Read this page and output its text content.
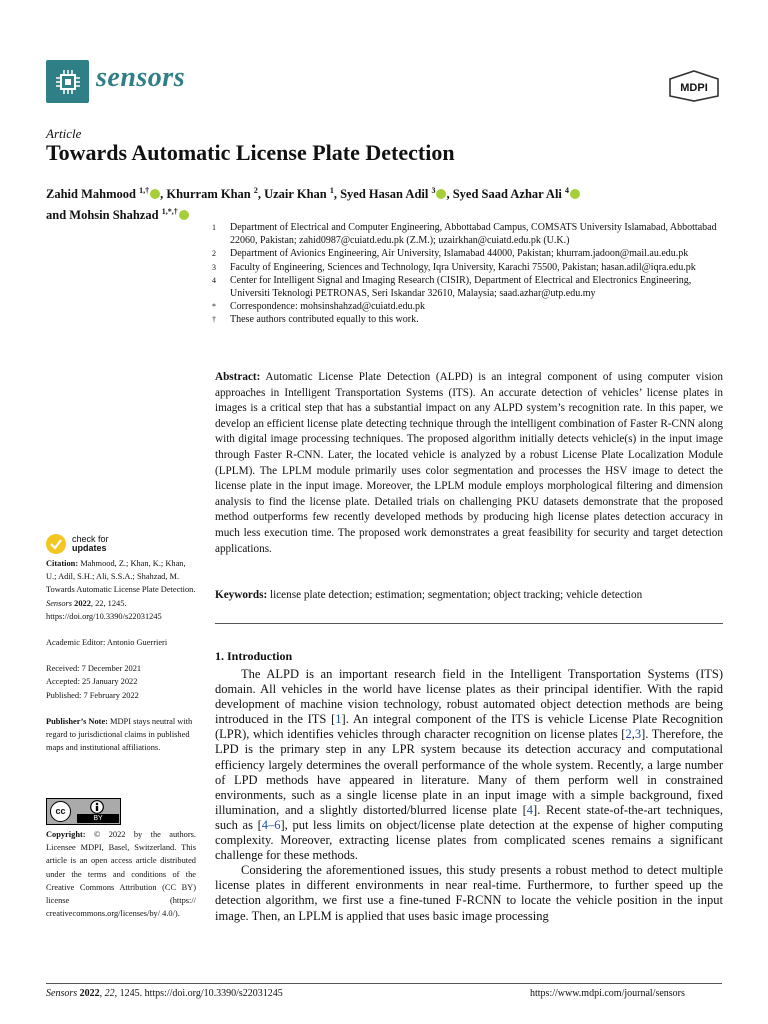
sensors	MDPI
Article
Towards Automatic License Plate Detection
Zahid Mahmood $^{1,\dagger}$ , Khurram Khan $^2$, Uzair Khan $^1$, Syed Hasan Adil $^3$ , Syed Saad Azhar Ali $^4$
and Mohsin Shahzad $^{1,*,\dagger}$
1	Department of Electrical and Computer Engineering, Abbottabad Campus, COMSATS University Islamabad, Abbottabad 22060, Pakistan; zahid0987@cuiatd.edu.pk (Z.M.); uzairkhan@cuiatd.edu.pk (U.K.)
2	Department of Avionics Engineering, Air University, Islamabad 44000, Pakistan; khurram.jadoon@mail.au.edu.pk
3	Faculty of Engineering, Sciences and Technology, Iqra University, Karachi 75500, Pakistan; hasan.adil@iqra.edu.pk
4	Center for Intelligent Signal and Imaging Research (CISIR), Department of Electrical and Electronics Engineering, Universiti Teknologi PETRONAS, Seri Iskandar 32610, Malaysia; saad.azhar@utp.edu.my
*	Correspondence: mohsinshahzad@cuiatd.edu.pk
†	These authors contributed equally to this work.
Abstract: Automatic License Plate Detection (ALPD) is an integral component of using computer vision approaches in Intelligent Transportation Systems (ITS). An accurate detection of vehicles’ license plates in images is a critical step that has a substantial impact on any ALPD system’s recognition rate. In this paper, we develop an efficient license plate detecting technique through the intelligent combination of Faster R-CNN along with digital image processing techniques. The proposed algorithm initially detects vehicle(s) in the input image through Faster R-CNN. Later, the located vehicle is analyzed by a robust License Plate Localization Module (LPLM). The LPLM module primarily uses color segmentation and processes the HSV image to detect the license plate in the input image. Moreover, the LPLM module employs morphological filtering and dimension analysis to find the license plate. Detailed trials on challenging PKU datasets demonstrate that the proposed method outperforms few recently developed methods by producing high license plates detection accuracy in much less execution time. The proposed work demonstrates a great feasibility for security and target detection applications.
Keywords: license plate detection; estimation; segmentation; object tracking; vehicle detection
check for
updates
Citation: Mahmood, Z.; Khan, K.; Khan, U.; Adil, S.H.; Ali, S.S.A.; Shahzad, M. Towards Automatic License Plate Detection. Sensors 2022, 22, 1245. https://doi.org/10.3390/s22031245
Academic Editor: Antonio Guerrieri
Received: 7 December 2021
Accepted: 25 January 2022
Published: 7 February 2022
Publisher’s Note: MDPI stays neutral with regard to jurisdictional claims in published maps and institutional affiliations.
cc
BY
Copyright: © 2022 by the authors. Licensee MDPI, Basel, Switzerland. This article is an open access article distributed under the terms and conditions of the Creative Commons Attribution (CC BY) license (https:// creativecommons.org/licenses/by/ 4.0/).
1. Introduction

The ALPD is an important research field in the Intelligent Transportation Systems (ITS) domain. All vehicles in the world have license plates as their principal identifier. With the rapid development of machine vision technology, robust automated object detection methods are being introduced in the ITS [1]. An integral component of the ITS is vehicle License Plate Recognition (LPR), which identifies vehicles through character recognition on license plates [2,3]. Therefore, the LPD is the primary step in any LPR system because its detection accuracy and computational efficiency largely determines the overall performance of the whole system. Recently, a large number of LPD methods have appeared in literature. Many of them perform well in constrained environments, such as a single license plate in an input image with a simple background, fixed illumination, and a slightly distorted/blurred license plate [4]. Recent state-of-the-art techniques, such as [4–6], put less limits on object/license plate detection at the expense of higher computing complexity. Moreover, extracting license plates from complicated scenes remains a significant challenge for these methods.

Considering the aforementioned issues, this study presents a robust method to detect multiple license plates in different environments in near real-time. Furthermore, to further speed up the detection algorithm, we first use a fine-tuned F-RCNN to locate the vehicle position in the input image. Then, an LPLM is applied that uses basic image processing

Sensors 2022, 22, 1245. https://doi.org/10.3390/s22031245	https://www.mdpi.com/journal/sensors
